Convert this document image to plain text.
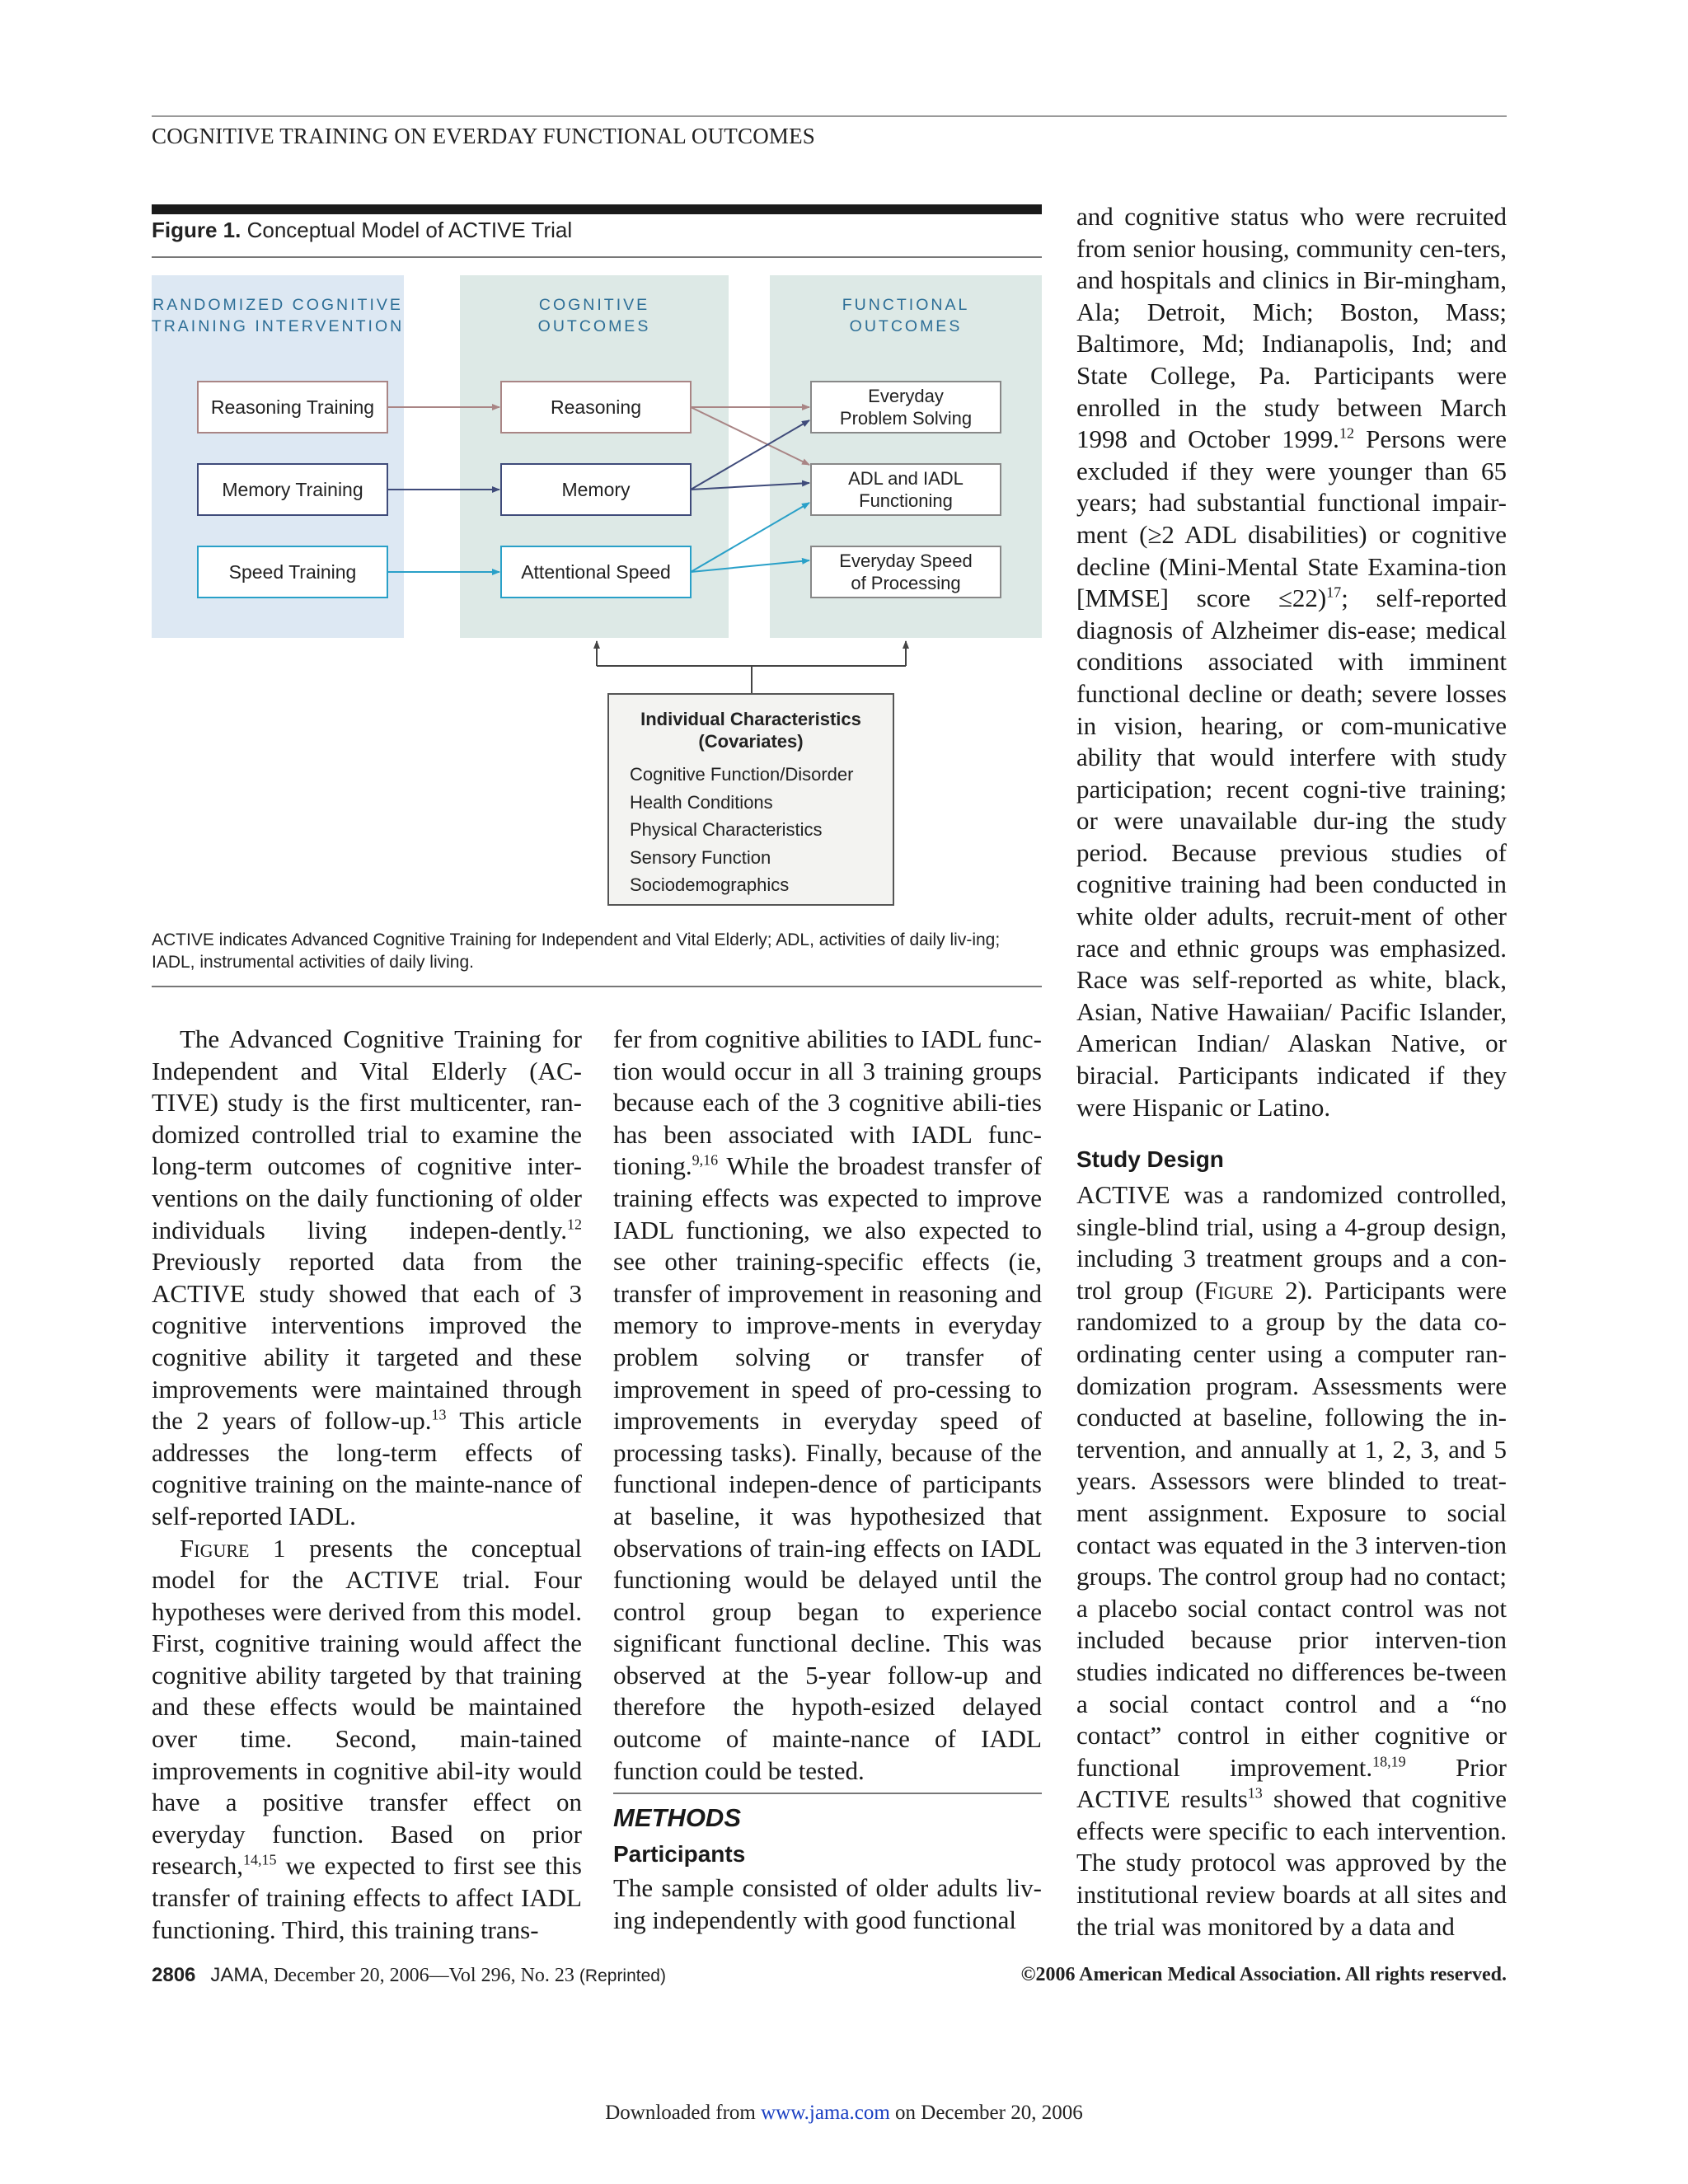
COGNITIVE TRAINING ON EVERDAY FUNCTIONAL OUTCOMES
Figure 1. Conceptual Model of ACTIVE Trial
RANDOMIZED COGNITIVE
TRAINING INTERVENTION
COGNITIVE
OUTCOMES
FUNCTIONAL
OUTCOMES
Reasoning Training
Memory Training
Speed Training
Reasoning
Memory
Attentional Speed
Everyday
Problem Solving
ADL and IADL
Functioning
Everyday Speed
of Processing
Individual Characteristics
(Covariates)
Cognitive Function/Disorder
Health Conditions
Physical Characteristics
Sensory Function
Sociodemographics
ACTIVE indicates Advanced Cognitive Training for Independent and Vital Elderly; ADL, activities of daily liv-ing; IADL, instrumental activities of daily living.

The Advanced Cognitive Training for Independent and Vital Elderly (AC-TIVE) study is the first multicenter, ran-domized controlled trial to examine the long-term outcomes of cognitive inter-ventions on the daily functioning of older individuals living indepen-dently.$^{12}$ Previously reported data from the ACTIVE study showed that each of 3 cognitive interventions improved the cognitive ability it targeted and these improvements were maintained through the 2 years of follow-up.$^{13}$ This article addresses the long-term effects of cognitive training on the mainte-nance of self-reported IADL.

Figure 1 presents the conceptual model for the ACTIVE trial. Four hypotheses were derived from this model. First, cognitive training would affect the cognitive ability targeted by that training and these effects would be maintained over time. Second, main-tained improvements in cognitive abil-ity would have a positive transfer effect on everyday function. Based on prior research,$^{14,15}$ we expected to first see this transfer of training effects to affect IADL functioning. Third, this training trans-

fer from cognitive abilities to IADL func-tion would occur in all 3 training groups because each of the 3 cognitive abili-ties has been associated with IADL func-tioning.$^{9,16}$ While the broadest transfer of training effects was expected to improve IADL functioning, we also expected to see other training-specific effects (ie, transfer of improvement in reasoning and memory to improve-ments in everyday problem solving or transfer of improvement in speed of pro-cessing to improvements in everyday speed of processing tasks). Finally, because of the functional indepen-dence of participants at baseline, it was hypothesized that observations of train-ing effects on IADL functioning would be delayed until the control group began to experience significant functional decline. This was observed at the 5-year follow-up and therefore the hypoth-esized delayed outcome of mainte-nance of IADL function could be tested.

METHODS

Participants

The sample consisted of older adults liv-ing independently with good functional

and cognitive status who were recruited from senior housing, community cen-ters, and hospitals and clinics in Bir-mingham, Ala; Detroit, Mich; Boston, Mass; Baltimore, Md; Indianapolis, Ind; and State College, Pa. Participants were enrolled in the study between March 1998 and October 1999.12 Persons were excluded if they were younger than 65 years; had substantial functional impair-ment (≥2 ADL disabilities) or cognitive decline (Mini-Mental State Examina-tion [MMSE] score ≤22)$^{17}$; self-reported diagnosis of Alzheimer dis-ease; medical conditions associated with imminent functional decline or death; severe losses in vision, hearing, or com-municative ability that would interfere with study participation; recent cogni-tive training; or were unavailable dur-ing the study period. Because previous studies of cognitive training had been conducted in white older adults, recruit-ment of other race and ethnic groups was emphasized. Race was self-reported as white, black, Asian, Native Hawaiian/ Pacific Islander, American Indian/ Alaskan Native, or biracial. Participants indicated if they were Hispanic or Latino.

Study Design

ACTIVE was a randomized controlled, single-blind trial, using a 4-group design, including 3 treatment groups and a con-trol group (Figure 2). Participants were randomized to a group by the data co-ordinating center using a computer ran-domization program. Assessments were conducted at baseline, following the in-tervention, and annually at 1, 2, 3, and 5 years. Assessors were blinded to treat-ment assignment. Exposure to social contact was equated in the 3 interven-tion groups. The control group had no contact; a placebo social contact control was not included because prior interven-tion studies indicated no differences be-tween a social contact control and a “no contact” control in either cognitive or functional improvement.$^{18,19}$ Prior ACTIVE results$^{13}$ showed that cognitive effects were specific to each intervention. The study protocol was approved by the institutional review boards at all sites and the trial was monitored by a data and

2806 JAMA, December 20, 2006—Vol 296, No. 23 (Reprinted)	©2006 American Medical Association. All rights reserved.
Downloaded from www.jama.com on December 20, 2006
